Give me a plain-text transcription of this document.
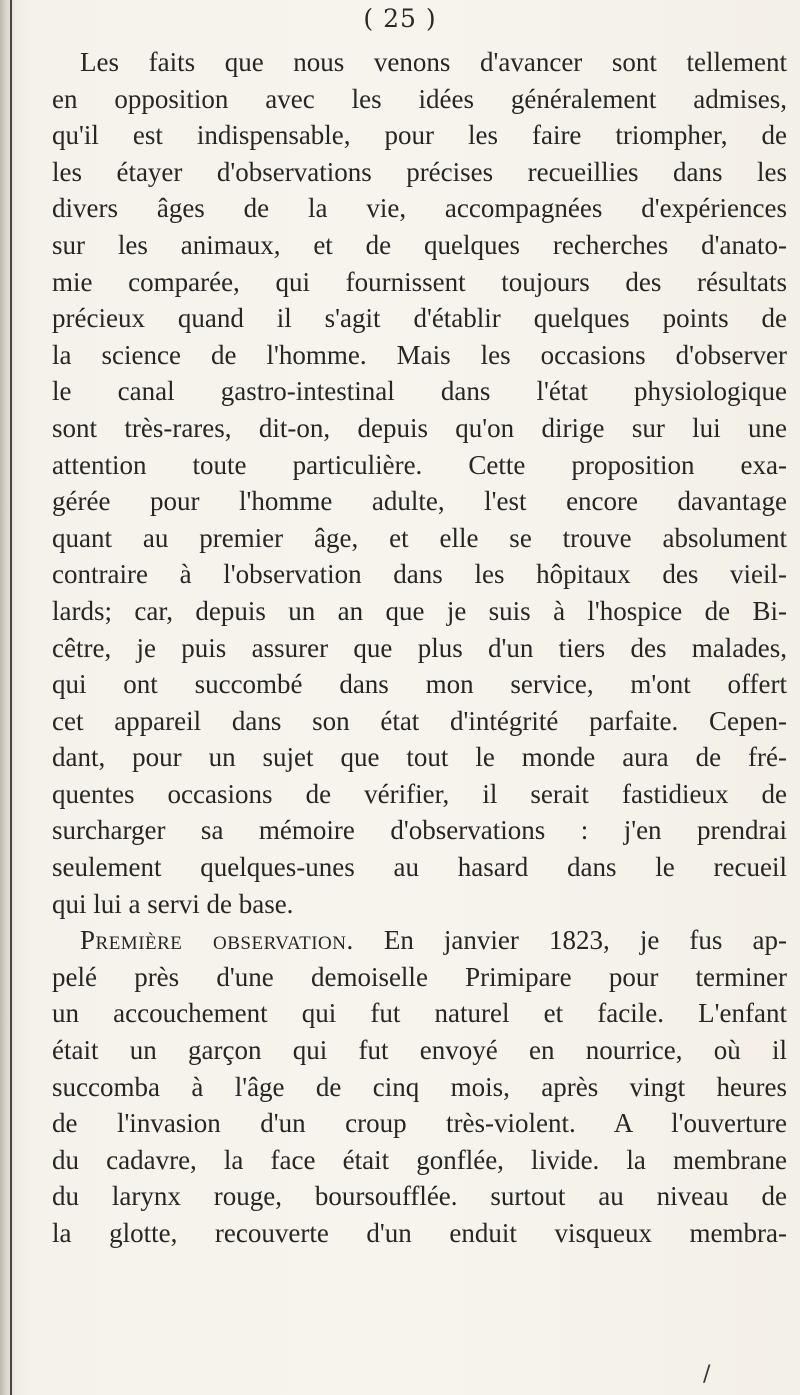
( 25 )
Les faits que nous venons d'avancer sont tellement
en opposition avec les idées généralement admises,
qu'il est indispensable, pour les faire triompher, de
les étayer d'observations précises recueillies dans les
divers âges de la vie, accompagnées d'expériences
sur les animaux, et de quelques recherches d'anato-
mie comparée, qui fournissent toujours des résultats
précieux quand il s'agit d'établir quelques points de
la science de l'homme. Mais les occasions d'observer
le canal gastro-intestinal dans l'état physiologique
sont très-rares, dit-on, depuis qu'on dirige sur lui une
attention toute particulière. Cette proposition exa-
gérée pour l'homme adulte, l'est encore davantage
quant au premier âge, et elle se trouve absolument
contraire à l'observation dans les hôpitaux des vieil-
lards; car, depuis un an que je suis à l'hospice de Bi-
cêtre, je puis assurer que plus d'un tiers des malades,
qui ont succombé dans mon service, m'ont offert
cet appareil dans son état d'intégrité parfaite. Cepen-
dant, pour un sujet que tout le monde aura de fré-
quentes occasions de vérifier, il serait fastidieux de
surcharger sa mémoire d'observations : j'en prendrai
seulement quelques-unes au hasard dans le recueil
qui lui a servi de base.
Première observation. En janvier 1823, je fus ap-
pelé près d'une demoiselle Primipare pour terminer
un accouchement qui fut naturel et facile. L'enfant
était un garçon qui fut envoyé en nourrice, où il
succomba à l'âge de cinq mois, après vingt heures
de l'invasion d'un croup très-violent. A l'ouverture
du cadavre, la face était gonflée, livide. la membrane
du larynx rouge, boursoufflée. surtout au niveau de
la glotte, recouverte d'un enduit visqueux membra-
/
